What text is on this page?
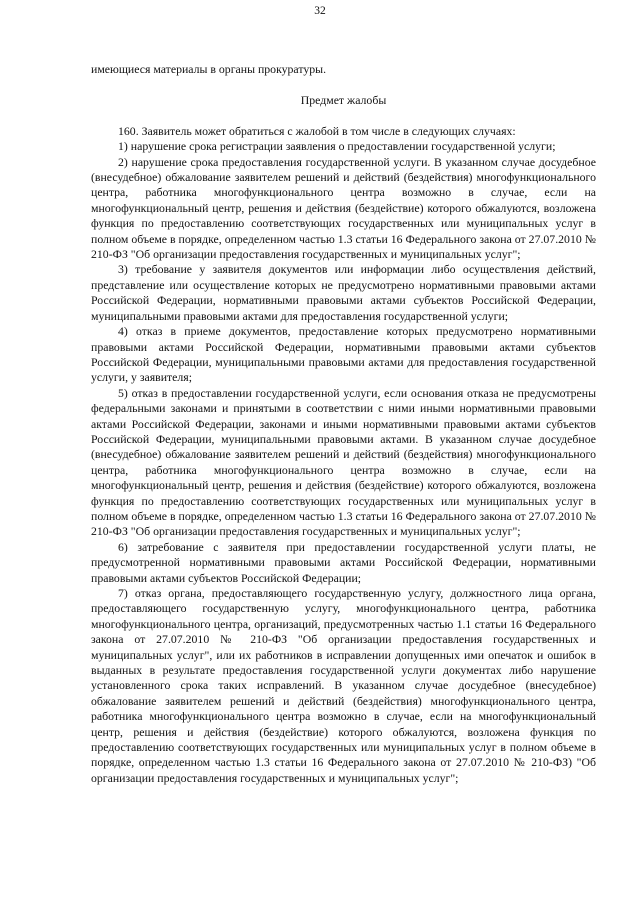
32

имеющиеся материалы в органы прокуратуры.

Предмет жалобы

160. Заявитель может обратиться с жалобой в том числе в следующих случаях:

1) нарушение срока регистрации заявления о предоставлении государственной услуги;

2) нарушение срока предоставления государственной услуги. В указанном случае досудебное (внесудебное) обжалование заявителем решений и действий (бездействия) многофункционального центра, работника многофункционального центра возможно в случае, если на многофункциональный центр, решения и действия (бездействие) которого обжалуются, возложена функция по предоставлению соответствующих государственных или муниципальных услуг в полном объеме в порядке, определенном частью 1.3 статьи 16 Федерального закона от 27.07.2010 № 210-ФЗ "Об организации предоставления государственных и муниципальных услуг";

3) требование у заявителя документов или информации либо осуществления действий, представление или осуществление которых не предусмотрено нормативными правовыми актами Российской Федерации, нормативными правовыми актами субъектов Российской Федерации, муниципальными правовыми актами для предоставления государственной услуги;

4) отказ в приеме документов, предоставление которых предусмотрено нормативными правовыми актами Российской Федерации, нормативными правовыми актами субъектов Российской Федерации, муниципальными правовыми актами для предоставления государственной услуги, у заявителя;

5) отказ в предоставлении государственной услуги, если основания отказа не предусмотрены федеральными законами и принятыми в соответствии с ними иными нормативными правовыми актами Российской Федерации, законами и иными нормативными правовыми актами субъектов Российской Федерации, муниципальными правовыми актами. В указанном случае досудебное (внесудебное) обжалование заявителем решений и действий (бездействия) многофункционального центра, работника многофункционального центра возможно в случае, если на многофункциональный центр, решения и действия (бездействие) которого обжалуются, возложена функция по предоставлению соответствующих государственных или муниципальных услуг в полном объеме в порядке, определенном частью 1.3 статьи 16 Федерального закона от 27.07.2010 № 210-ФЗ "Об организации предоставления государственных и муниципальных услуг";

6) затребование с заявителя при предоставлении государственной услуги платы, не предусмотренной нормативными правовыми актами Российской Федерации, нормативными правовыми актами субъектов Российской Федерации;

7) отказ органа, предоставляющего государственную услугу, должностного лица органа, предоставляющего государственную услугу, многофункционального центра, работника многофункционального центра, организаций, предусмотренных частью 1.1 статьи 16 Федерального закона от 27.07.2010 № 210-ФЗ "Об организации предоставления государственных и муниципальных услуг", или их работников в исправлении допущенных ими опечаток и ошибок в выданных в результате предоставления государственной услуги документах либо нарушение установленного срока таких исправлений. В указанном случае досудебное (внесудебное) обжалование заявителем решений и действий (бездействия) многофункционального центра, работника многофункционального центра возможно в случае, если на многофункциональный центр, решения и действия (бездействие) которого обжалуются, возложена функция по предоставлению соответствующих государственных или муниципальных услуг в полном объеме в порядке, определенном частью 1.3 статьи 16 Федерального закона от 27.07.2010 № 210-ФЗ) "Об организации предоставления государственных и муниципальных услуг";
